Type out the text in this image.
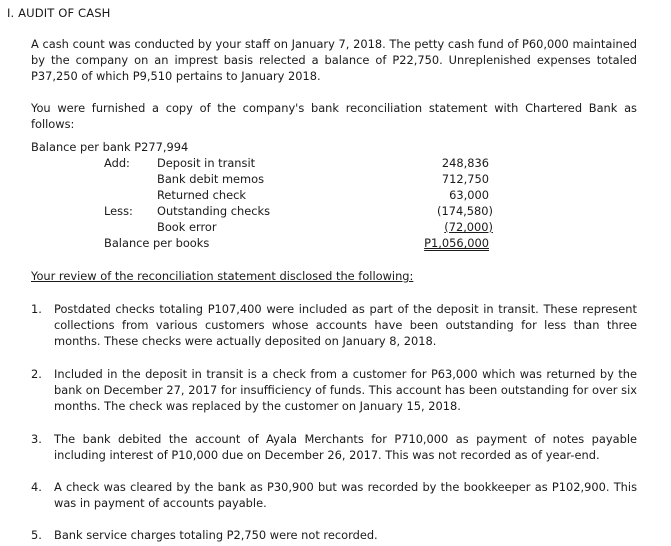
I. AUDIT OF CASH
A cash count was conducted by your staff on January 7, 2018. The petty cash fund of P60,000 maintained by the company on an imprest basis relected a balance of P22,750. Unreplenished expenses totaled P37,250 of which P9,510 pertains to January 2018.
You were furnished a copy of the company's bank reconciliation statement with Chartered Bank as follows:
Balance per bank P277,994
Add: Deposit in transit	248,836
Bank debit memos	712,750
Returned check	63,000
Less: Outstanding checks	(174,580)
Book error	(72,000)
Balance per books	P1,056,000
Your review of the reconciliation statement disclosed the following:
1. Postdated checks totaling P107,400 were included as part of the deposit in transit. These represent collections from various customers whose accounts have been outstanding for less than three months. These checks were actually deposited on January 8, 2018.
2. Included in the deposit in transit is a check from a customer for P63,000 which was returned by the bank on December 27, 2017 for insufficiency of funds. This account has been outstanding for over six months. The check was replaced by the customer on January 15, 2018.
3. The bank debited the account of Ayala Merchants for P710,000 as payment of notes payable including interest of P10,000 due on December 26, 2017. This was not recorded as of year-end.
4. A check was cleared by the bank as P30,900 but was recorded by the bookkeeper as P102,900. This was in payment of accounts payable.
5. Bank service charges totaling P2,750 were not recorded.
